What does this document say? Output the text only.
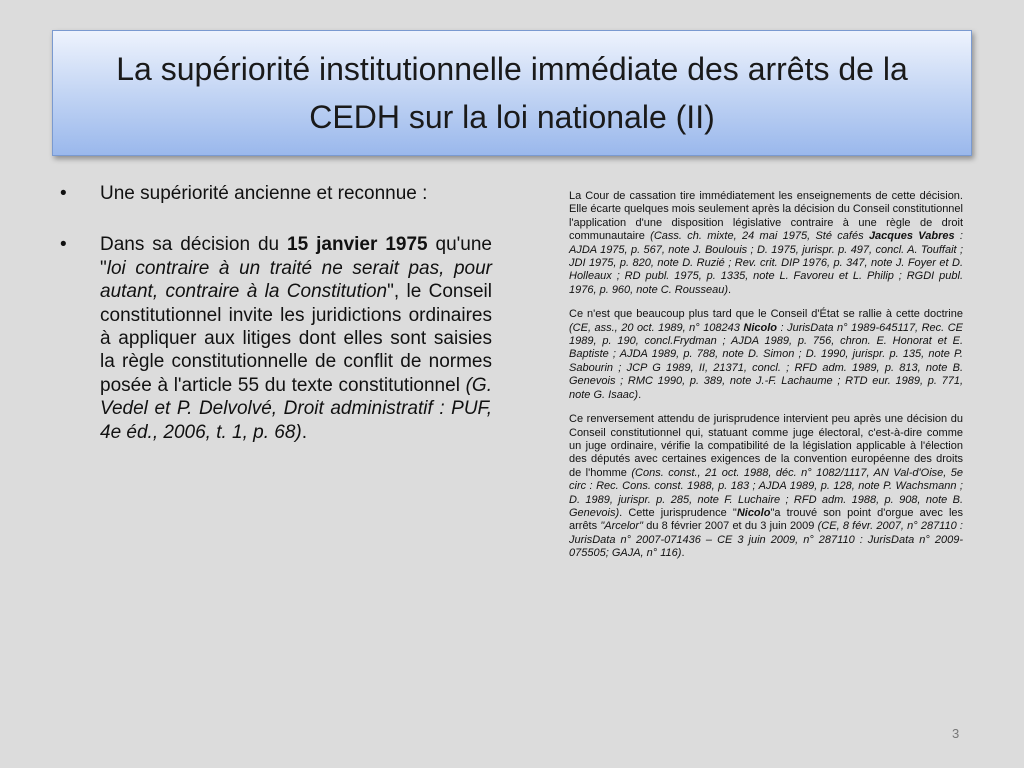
La supériorité institutionnelle immédiate des arrêts de la CEDH sur la loi nationale (II)
• Une supériorité ancienne et reconnue :
• Dans sa décision du 15 janvier 1975 qu'une "loi contraire à un traité ne serait pas, pour autant, contraire à la Constitution", le Conseil constitutionnel invite les juridictions ordinaires à appliquer aux litiges dont elles sont saisies la règle constitutionnelle de conflit de normes posée à l'article 55 du texte constitutionnel (G. Vedel et P. Delvolvé, Droit administratif : PUF, 4e éd., 2006, t. 1, p. 68).

La Cour de cassation tire immédiatement les enseignements de cette décision. Elle écarte quelques mois seulement après la décision du Conseil constitutionnel l'application d'une disposition législative contraire à une règle de droit communautaire (Cass. ch. mixte, 24 mai 1975, Sté cafés Jacques Vabres : AJDA 1975, p. 567, note J. Boulouis ; D. 1975, jurispr. p. 497, concl. A. Touffait ; JDI 1975, p. 820, note D. Ruzié ; Rev. crit. DIP 1976, p. 347, note J. Foyer et D. Holleaux ; RD publ. 1975, p. 1335, note L. Favoreu et L. Philip ; RGDI publ. 1976, p. 960, note C. Rousseau).

Ce n'est que beaucoup plus tard que le Conseil d'État se rallie à cette doctrine (CE, ass., 20 oct. 1989, n° 108243 Nicolo : JurisData n° 1989-645117, Rec. CE 1989, p. 190, concl.Frydman ; AJDA 1989, p. 756, chron. E. Honorat et E. Baptiste ; AJDA 1989, p. 788, note D. Simon ; D. 1990, jurispr. p. 135, note P. Sabourin ; JCP G 1989, II, 21371, concl. ; RFD adm. 1989, p. 813, note B. Genevois ; RMC 1990, p. 389, note J.-F. Lachaume ; RTD eur. 1989, p. 771, note G. Isaac).

Ce renversement attendu de jurisprudence intervient peu après une décision du Conseil constitutionnel qui, statuant comme juge électoral, c'est-à-dire comme un juge ordinaire, vérifie la compatibilité de la législation applicable à l'élection des députés avec certaines exigences de la convention européenne des droits de l'homme (Cons. const., 21 oct. 1988, déc. n° 1082/1117, AN Val-d'Oise, 5e circ : Rec. Cons. const. 1988, p. 183 ; AJDA 1989, p. 128, note P. Wachsmann ; D. 1989, jurispr. p. 285, note F. Luchaire ; RFD adm. 1988, p. 908, note B. Genevois). Cette jurisprudence "Nicolo"a trouvé son point d'orgue avec les arrêts "Arcelor" du 8 février 2007 et du 3 juin 2009 (CE, 8 févr. 2007, n° 287110 : JurisData n° 2007-071436 – CE 3 juin 2009, n° 287110 : JurisData n° 2009-075505; GAJA, n° 116).

3
